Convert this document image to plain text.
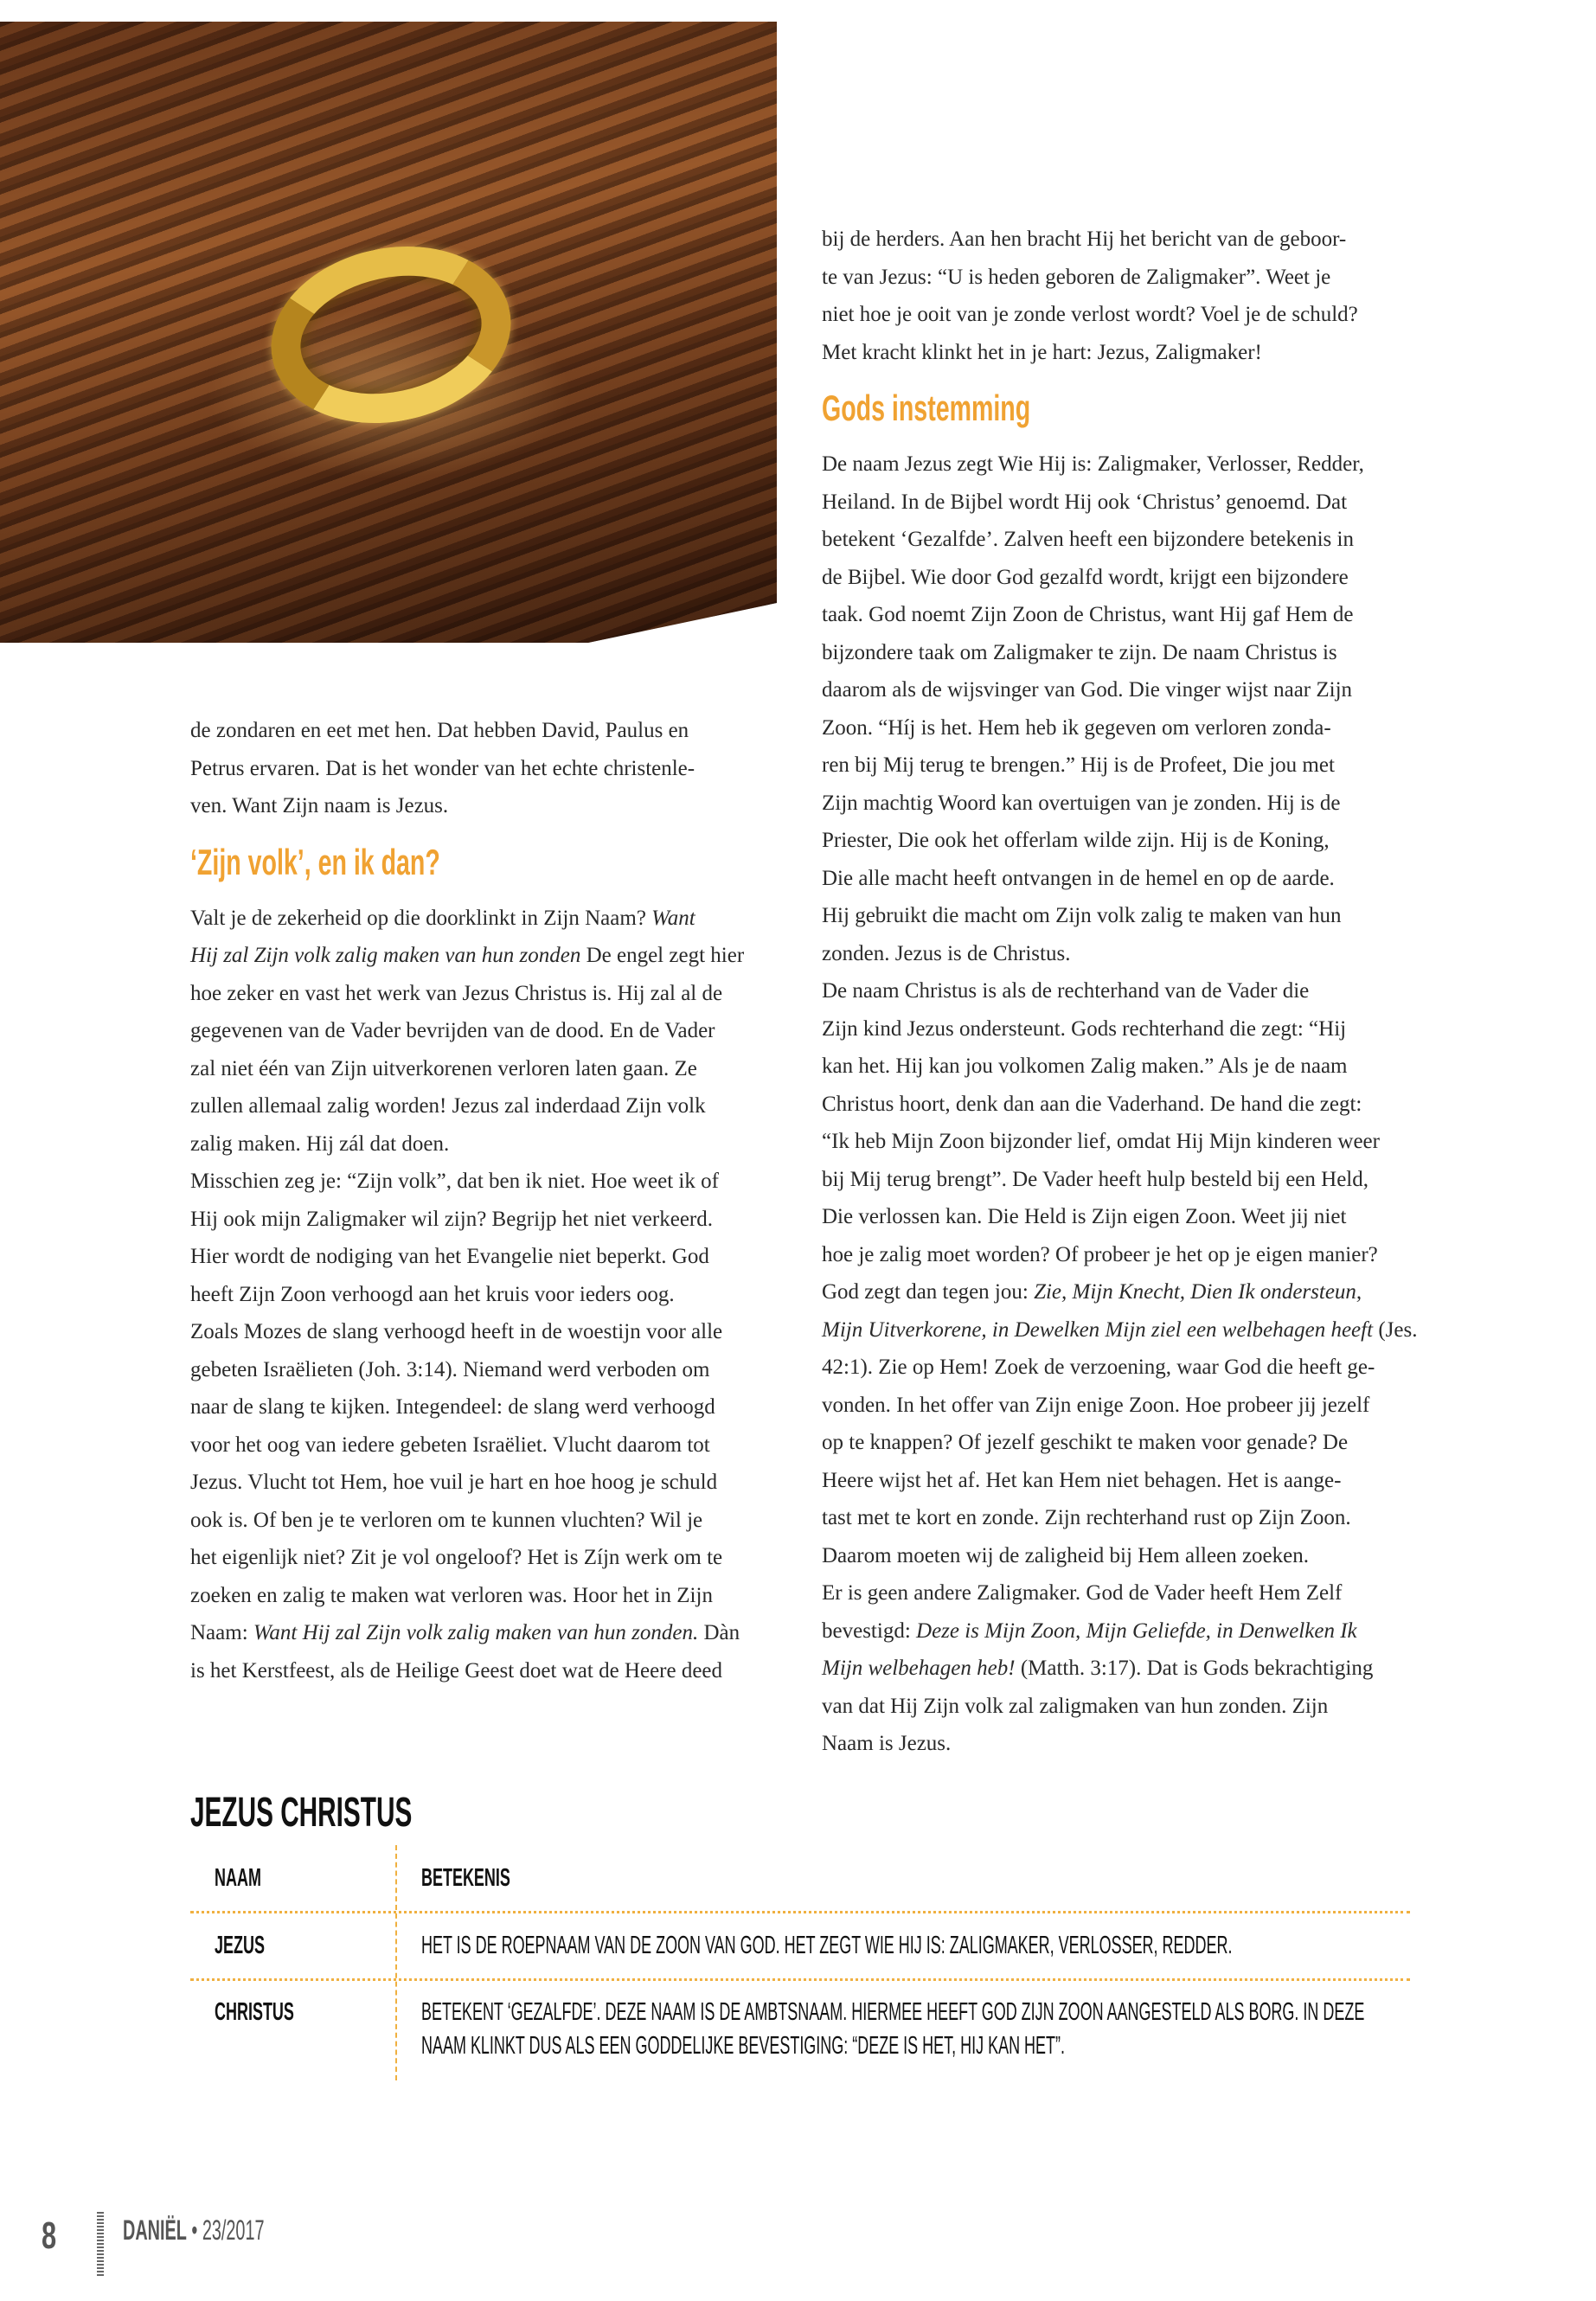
de zondaren en eet met hen. Dat hebben David, Paulus en
Petrus ervaren. Dat is het wonder van het echte christenle-
ven. Want Zijn naam is Jezus.
‘Zijn volk’, en ik dan?
Valt je de zekerheid op die doorklinkt in Zijn Naam? Want
Hij zal Zijn volk zalig maken van hun zonden De engel zegt hier
hoe zeker en vast het werk van Jezus Christus is. Hij zal al de
gegevenen van de Vader bevrijden van de dood. En de Vader
zal niet één van Zijn uitverkorenen verloren laten gaan. Ze
zullen allemaal zalig worden! Jezus zal inderdaad Zijn volk
zalig maken. Hij zál dat doen.
Misschien zeg je: “Zijn volk”, dat ben ik niet. Hoe weet ik of
Hij ook mijn Zaligmaker wil zijn? Begrijp het niet verkeerd.
Hier wordt de nodiging van het Evangelie niet beperkt. God
heeft Zijn Zoon verhoogd aan het kruis voor ieders oog.
Zoals Mozes de slang verhoogd heeft in de woestijn voor alle
gebeten Israëlieten (Joh. 3:14). Niemand werd verboden om
naar de slang te kijken. Integendeel: de slang werd verhoogd
voor het oog van iedere gebeten Israëliet. Vlucht daarom tot
Jezus. Vlucht tot Hem, hoe vuil je hart en hoe hoog je schuld
ook is. Of ben je te verloren om te kunnen vluchten? Wil je
het eigenlijk niet? Zit je vol ongeloof? Het is Zíjn werk om te
zoeken en zalig te maken wat verloren was. Hoor het in Zijn
Naam: Want Hij zal Zijn volk zalig maken van hun zonden. Dàn
is het Kerstfeest, als de Heilige Geest doet wat de Heere deed
bij de herders. Aan hen bracht Hij het bericht van de geboor-
te van Jezus: “U is heden geboren de Zaligmaker”. Weet je
niet hoe je ooit van je zonde verlost wordt? Voel je de schuld?
Met kracht klinkt het in je hart: Jezus, Zaligmaker!
Gods instemming
De naam Jezus zegt Wie Hij is: Zaligmaker, Verlosser, Redder,
Heiland. In de Bijbel wordt Hij ook ‘Christus’ genoemd. Dat
betekent ‘Gezalfde’. Zalven heeft een bijzondere betekenis in
de Bijbel. Wie door God gezalfd wordt, krijgt een bijzondere
taak. God noemt Zijn Zoon de Christus, want Hij gaf Hem de
bijzondere taak om Zaligmaker te zijn. De naam Christus is
daarom als de wijsvinger van God. Die vinger wijst naar Zijn
Zoon. “Híj is het. Hem heb ik gegeven om verloren zonda-
ren bij Mij terug te brengen.” Hij is de Profeet, Die jou met
Zijn machtig Woord kan overtuigen van je zonden. Hij is de
Priester, Die ook het offerlam wilde zijn. Hij is de Koning,
Die alle macht heeft ontvangen in de hemel en op de aarde.
Hij gebruikt die macht om Zijn volk zalig te maken van hun
zonden. Jezus is de Christus.
De naam Christus is als de rechterhand van de Vader die
Zijn kind Jezus ondersteunt. Gods rechterhand die zegt: “Hij
kan het. Hij kan jou volkomen Zalig maken.” Als je de naam
Christus hoort, denk dan aan die Vaderhand. De hand die zegt:
“Ik heb Mijn Zoon bijzonder lief, omdat Hij Mijn kinderen weer
bij Mij terug brengt”. De Vader heeft hulp besteld bij een Held,
Die verlossen kan. Die Held is Zijn eigen Zoon. Weet jij niet
hoe je zalig moet worden? Of probeer je het op je eigen manier?
God zegt dan tegen jou: Zie, Mijn Knecht, Dien Ik ondersteun,
Mijn Uitverkorene, in Dewelken Mijn ziel een welbehagen heeft (Jes.
42:1). Zie op Hem! Zoek de verzoening, waar God die heeft ge-
vonden. In het offer van Zijn enige Zoon. Hoe probeer jij jezelf
op te knappen? Of jezelf geschikt te maken voor genade? De
Heere wijst het af. Het kan Hem niet behagen. Het is aange-
tast met te kort en zonde. Zijn rechterhand rust op Zijn Zoon.
Daarom moeten wij de zaligheid bij Hem alleen zoeken.
Er is geen andere Zaligmaker. God de Vader heeft Hem Zelf
bevestigd: Deze is Mijn Zoon, Mijn Geliefde, in Denwelken Ik
Mijn welbehagen heb! (Matth. 3:17). Dat is Gods bekrachtiging
van dat Hij Zijn volk zal zaligmaken van hun zonden. Zijn
Naam is Jezus.
JEZUS CHRISTUS
NAAM	BETEKENIS
JEZUS	HET IS DE ROEPNAAM VAN DE ZOON VAN GOD. HET ZEGT WIE HIJ IS: ZALIGMAKER, VERLOSSER, REDDER.
CHRISTUS	BETEKENT ‘GEZALFDE’. DEZE NAAM IS DE AMBTSNAAM. HIERMEE HEEFT GOD ZIJN ZOON AANGESTELD ALS BORG. IN DEZE
NAAM KLINKT DUS ALS EEN GODDELIJKE BEVESTIGING: “DEZE IS HET, HIJ KAN HET”.
8 DANIËL • 23/2017
